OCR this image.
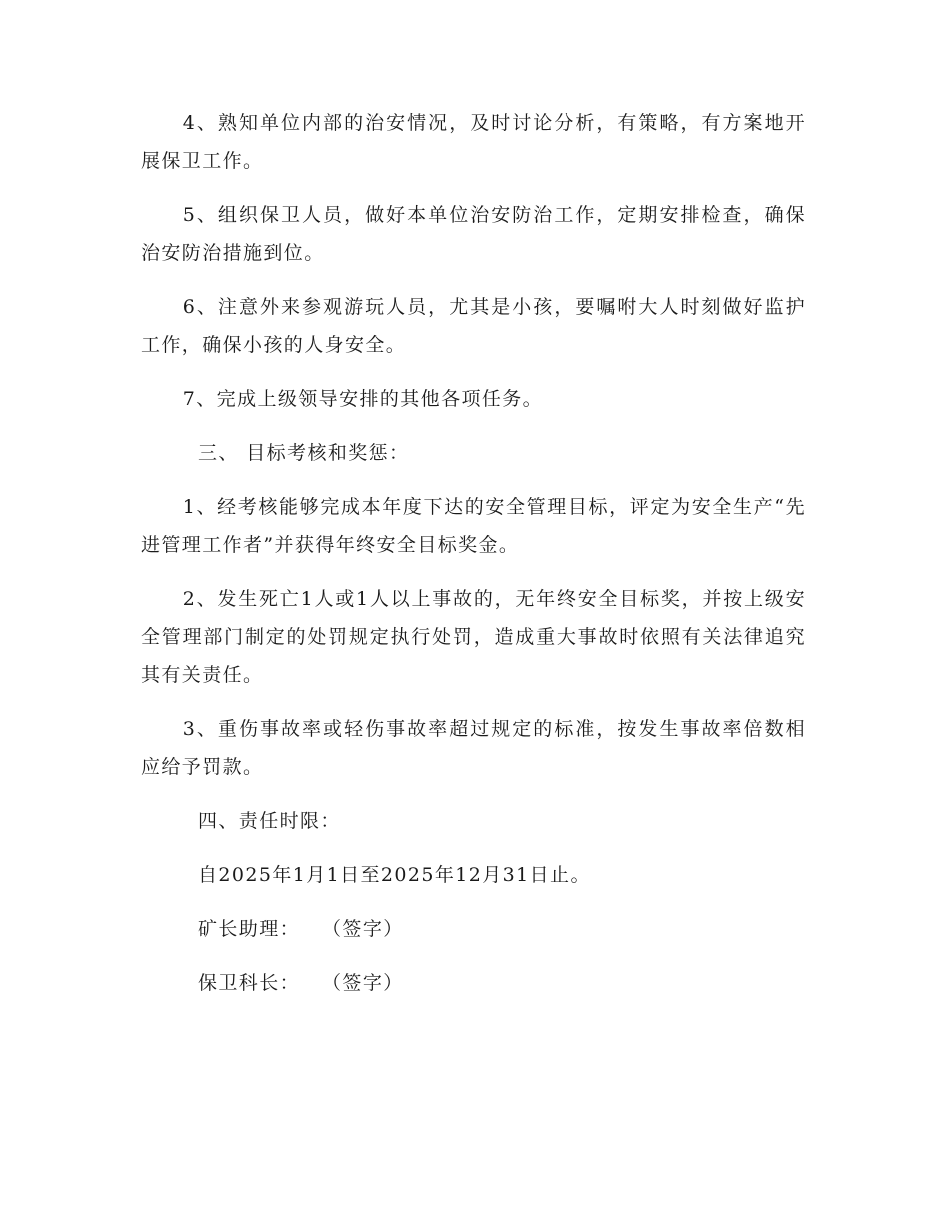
4、熟知单位内部的治安情况，及时讨论分析，有策略，有方案地开展保卫工作。

5、组织保卫人员，做好本单位治安防治工作，定期安排检查，确保治安防治措施到位。

6、注意外来参观游玩人员，尤其是小孩，要嘱咐大人时刻做好监护工作，确保小孩的人身安全。

7、完成上级领导安排的其他各项任务。

三、 目标考核和奖惩：

1、经考核能够完成本年度下达的安全管理目标，评定为安全生产“先进管理工作者”并获得年终安全目标奖金。

2、发生死亡1人或1人以上事故的，无年终安全目标奖，并按上级安全管理部门制定的处罚规定执行处罚，造成重大事故时依照有关法律追究其有关责任。

3、重伤事故率或轻伤事故率超过规定的标准，按发生事故率倍数相应给予罚款。

四、责任时限：

自2025年1月1日至2025年12月31日止。

矿长助理： （签字）

保卫科长： （签字）
